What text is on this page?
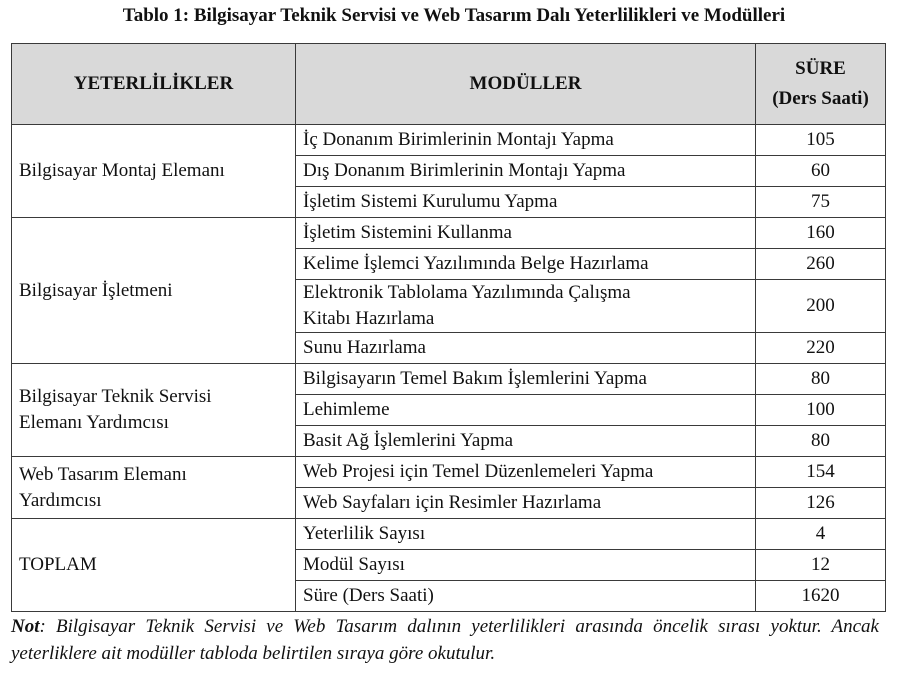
Tablo 1: Bilgisayar Teknik Servisi ve Web Tasarım Dalı Yeterlilikleri ve Modülleri
YETERLİLİKLER	MODÜLLER	SÜRE
(Ders Saati)

Bilgisayar Montaj Elemanı	İç Donanım Birimlerinin Montajı Yapma	105
	Dış Donanım Birimlerinin Montajı Yapma	60
	İşletim Sistemi Kurulumu Yapma	75
Bilgisayar İşletmeni	İşletim Sistemini Kullanma	160
	Kelime İşlemci Yazılımında Belge Hazırlama	260
	Elektronik Tablolama Yazılımında Çalışma Kitabı Hazırlama	200
	Sunu Hazırlama	220
Bilgisayar Teknik Servisi Elemanı Yardımcısı	Bilgisayarın Temel Bakım İşlemlerini Yapma	80
	Lehimleme	100
	Basit Ağ İşlemlerini Yapma	80
Web Tasarım Elemanı Yardımcısı	Web Projesi için Temel Düzenlemeleri Yapma	154
	Web Sayfaları için Resimler Hazırlama	126
TOPLAM	Yeterlilik Sayısı	4
	Modül Sayısı	12
	Süre (Ders Saati)	1620
Not: Bilgisayar Teknik Servisi ve Web Tasarım dalının yeterlilikleri arasında öncelik sırası yoktur. Ancak yeterliklere ait modüller tabloda belirtilen sıraya göre okutulur.
